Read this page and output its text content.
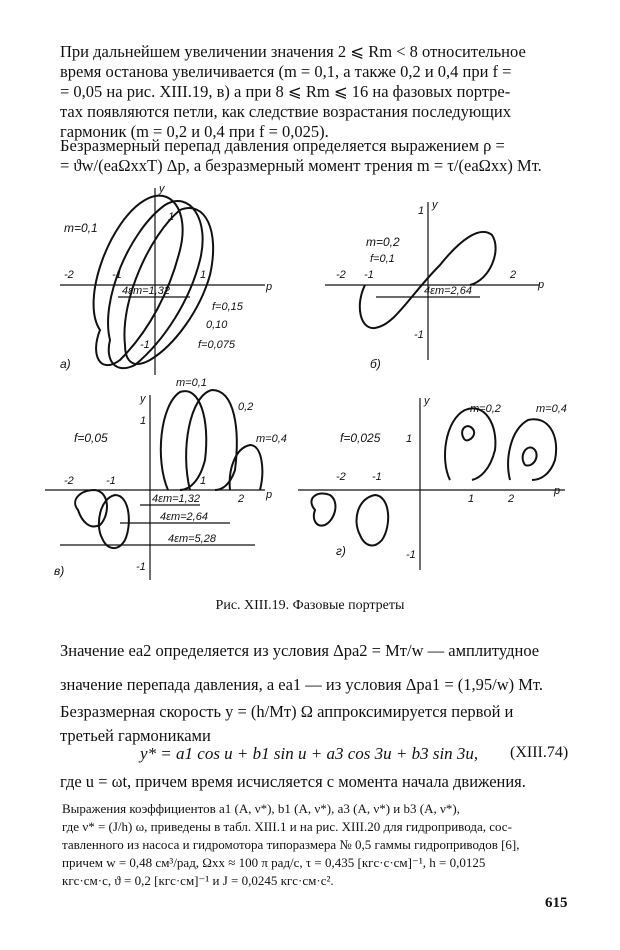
При дальнейшем увеличении значения 2 ⩽ Rm < 8 относительное
время останова увеличивается (m = 0,1, а также 0,2 и 0,4 при f =
= 0,05 на рис. XIII.19, в) а при 8 ⩽ Rm ⩽ 16 на фазовых портре-
тах появляются петли, как следствие возрастания последующих
гармоник (m = 0,2 и 0,4 при f = 0,025).
Безразмерный перепад давления определяется выражением ρ =
= ϑw/(eaΩxxT) Δp, а безразмерный момент трения m = τ/(eaΩxx) Mт.
y
p
-2	-1
1
1
-1
m=0,1
4εm=1,32
f=0,15
0,10
f=0,075
а)
y
1
p
-2 -1	2
-1
m=0,2
f=0,1
4εm=2,64
б)
y
p
1
-2	-1	1
2
-1
f=0,05
m=0,1
0,2
m=0,4
4εm=1,32
4εm=2,64
4εm=5,28
в)
y
p
1
-2 -1
1	2
-1
f=0,025
m=0,2	m=0,4
г)
Рис. XIII.19. Фазовые портреты
Значение ea2 определяется из условия Δpa2 = Mт/w — амплитудное
значение перепада давления, а ea1 — из условия Δpa1 = (1,95/w) Mт.
Безразмерная скорость y = (h/Mт) Ω аппроксимируется первой и
третьей гармониками
y* = a1 cos u + b1 sin u + a3 cos 3u + b3 sin 3u, (XIII.74)
где u = ωt, причем время исчисляется с момента начала движения.
Выражения коэффициентов a1 (A, ν*), b1 (A, ν*), a3 (A, ν*) и b3 (A, ν*),
где ν* = (J/h) ω, приведены в табл. XIII.1 и на рис. XIII.20 для гидропривода, сос-
тавленного из насоса и гидромотора типоразмера № 0,5 гаммы гидроприводов [6],
причем w = 0,48 см³/рад, Ωxx ≈ 100 π рад/с, τ = 0,435 [кгс·с·см]⁻¹, h = 0,0125
кгс·см·с, ϑ = 0,2 [кгс·см]⁻¹ и J = 0,0245 кгс·см·с².
615
